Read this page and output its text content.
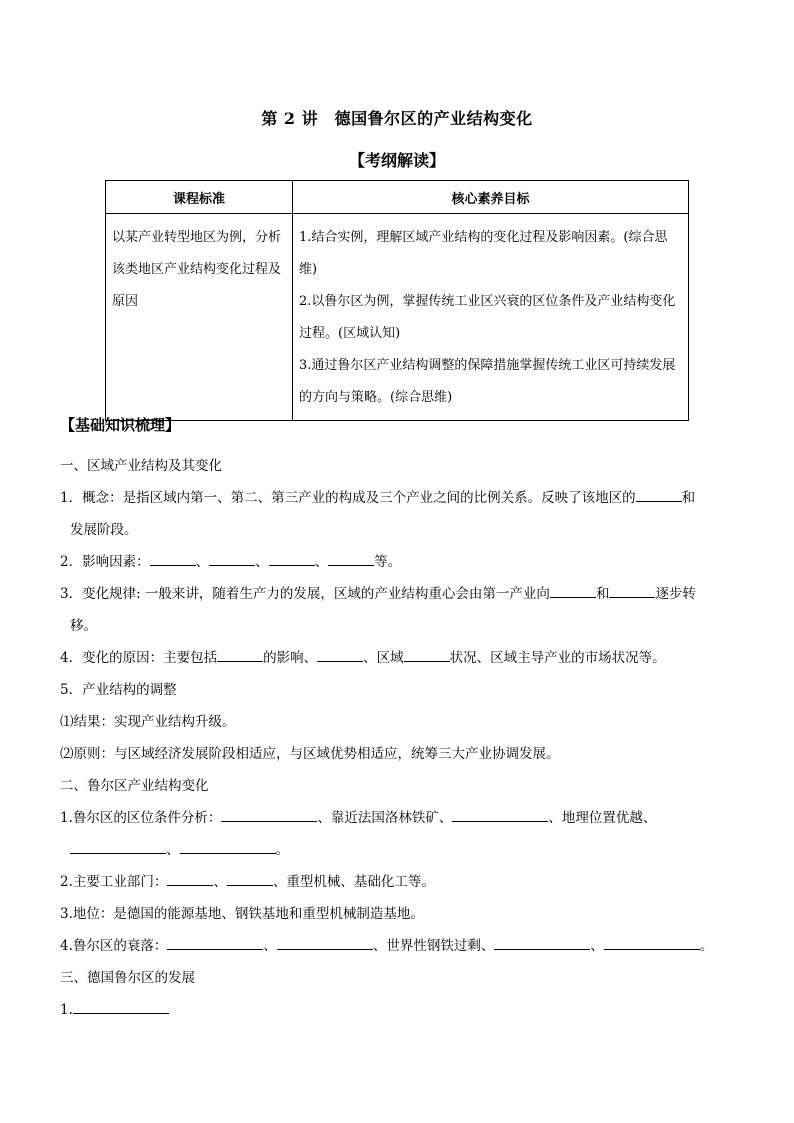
第 2 讲　德国鲁尔区的产业结构变化
【考纲解读】
课程标准	核心素养目标
以某产业转型地区为例，分析该类地区产业结构变化过程及原因	1.结合实例，理解区域产业结构的变化过程及影响因素。(综合思维)

2.以鲁尔区为例，掌握传统工业区兴衰的区位条件及产业结构变化过程。(区域认知)

3.通过鲁尔区产业结构调整的保障措施掌握传统工业区可持续发展的方向与策略。(综合思维)

【基础知识梳理】
一、区域产业结构及其变化
1．概念：是指区域内第一、第二、第三产业的构成及三个产业之间的比例关系。反映了该地区的	和
发展阶段。
2．影响因素：	、	、	、	等。
3．变化规律: 一般来讲，随着生产力的发展，区域的产业结构重心会由第一产业向	和	逐步转
移。
4．变化的原因：主要包括	的影响、	、区域	状况、区域主导产业的市场状况等。
5．产业结构的调整
⑴结果：实现产业结构升级。
⑵原则：与区域经济发展阶段相适应，与区域优势相适应，统筹三大产业协调发展。
二、鲁尔区产业结构变化
1.鲁尔区的区位条件分析：	、靠近法国洛林铁矿、	、地理位置优越、
、	。
2.主要工业部门：	、	、重型机械、基础化工等。
3.地位：是德国的能源基地、钢铁基地和重型机械制造基地。
4.鲁尔区的衰落：	、	、世界性钢铁过剩、	、	。
三、德国鲁尔区的发展
1.
